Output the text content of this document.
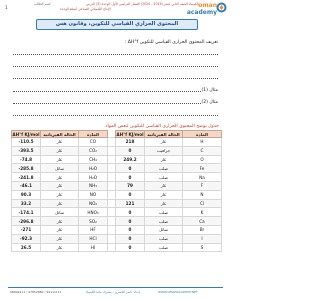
1
اسم الطالب:	الكيمياء الصف الثاني عشر (2019 - 2020) الفصل الدراسي الأول الوحدة (3) الدرس
الإنتاج الكيميائي الصناعي أسئلة الوحدة	oman
academy
المحتوى الحراري القياسي للتكوين، وقانون هس
تعريف المحتوى الحراري القياسي للتكوين ΔH°f :
مثال (1)
مثال (2)
جدول يوضح المحتوى الحراري القياسي للتكوين لبعض المواد
ΔH°f KJ/mol	الحالة الفيزيائية	المادة		ΔH°f KJ/mol	الحالة الفيزيائية	المادة
-110.5	غاز	CO		218	غاز	H
-393.5	غاز	CO₂		0	جرافيت	C
-74.8	غاز	CH₄		249.2	غاز	O
-285.8	سائل	H₂O		0	صلب	Fe
-241.8	غاز	H₂O		0	صلب	Na
-46.1	غاز	NH₃		79	غاز	F
90.3	غاز	NO		0	غاز	N
33.2	غاز	NO₂		121	غاز	Cl
-174.1	سائل	HNO₃		0	صلب	K
-296.8	غاز	SO₂		0	صلب	Ca
-271	غاز	HF		0	سائل	Br
-92.3	غاز	HCl		0	صلب	I
26.5	غاز	HI		0	صلب	S
98892211 / 97852880 / 99111111	إعداد: ناصر الحضري - مشرف مادة الكيمياء	WWW.OMANACADEMY.NET
